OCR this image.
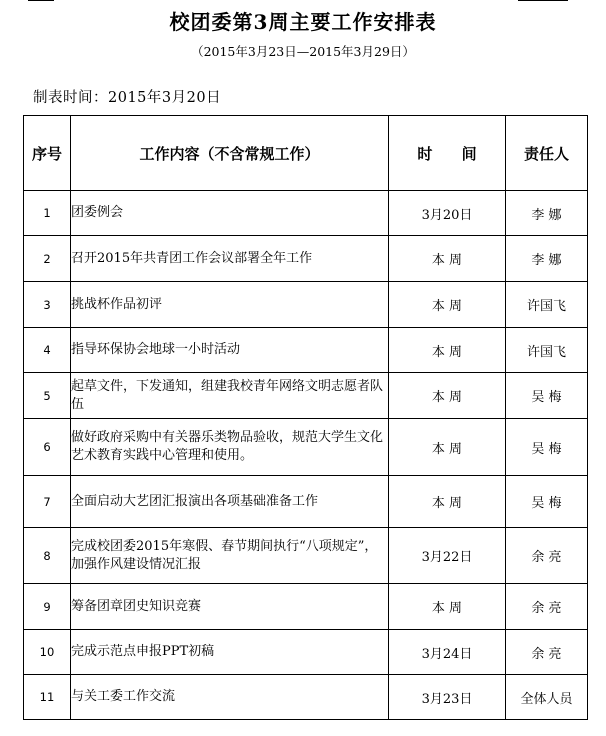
校团委第3周主要工作安排表
（2015年3月23日—2015年3月29日）
制表时间：2015年3月20日
序号	工作内容（不含常规工作）	时 间	责任人
1	团委例会	3月20日	李 娜
2	召开2015年共青团工作会议部署全年工作	本 周	李 娜
3	挑战杯作品初评	本 周	许国飞
4	指导环保协会地球一小时活动	本 周	许国飞
5	起草文件，下发通知，组建我校青年网络文明志愿者队伍	本 周	吴 梅
6	做好政府采购中有关器乐类物品验收，规范大学生文化艺术教育实践中心管理和使用。	本 周	吴 梅
7	全面启动大艺团汇报演出各项基础准备工作	本 周	吴 梅
8	完成校团委2015年寒假、春节期间执行“八项规定”，加强作风建设情况汇报	3月22日	余 亮
9	筹备团章团史知识竞赛	本 周	余 亮
10	完成示范点申报PPT初稿	3月24日	余 亮
11	与关工委工作交流	3月23日	全体人员
